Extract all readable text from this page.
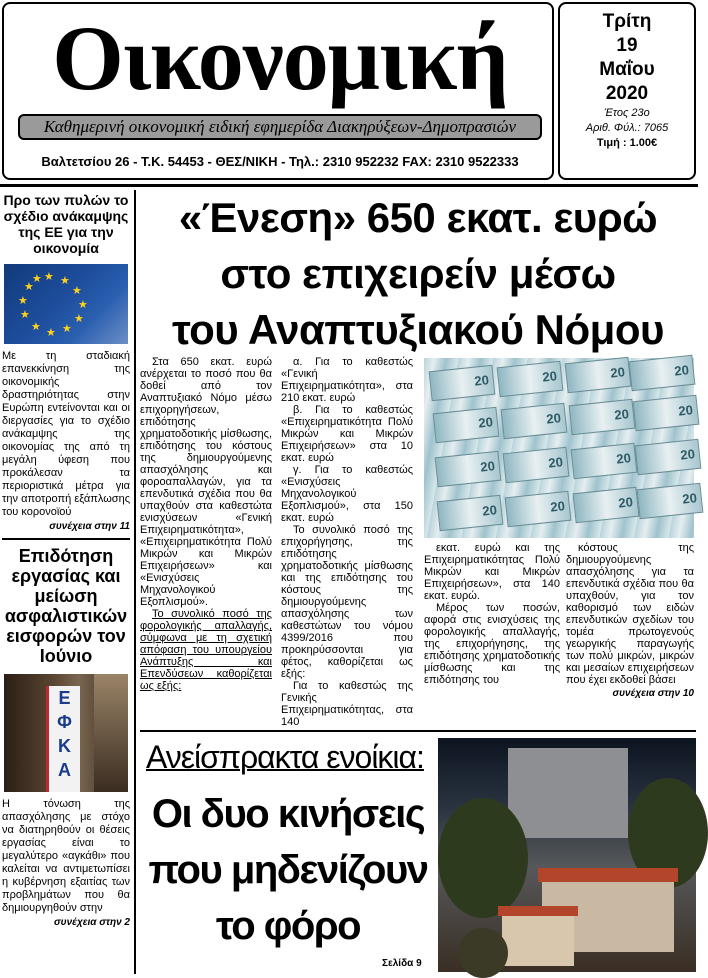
Οικονομική
Καθημερινή οικονομική ειδική εφημερίδα Διακηρύξεων-Δημοπρασιών
Βαλτετσίου 26 - Τ.Κ. 54453 - ΘΕΣ/ΝΙΚΗ - Τηλ.: 2310 952232 FAX: 2310 9522333
Τρίτη
19
Μαΐου
2020
Έτος 23ο
Αριθ. Φύλ.: 7065
Τιμή : 1.00€
Προ των πυλών το σχέδιο ανάκαμψης της ΕΕ για την οικονομία
★ ★
★
★
★
★
★
★
★
★
★
★
Με τη σταδιακή επανεκκίνηση της οικονομικής δραστηριότητας στην Ευρώπη εντείνονται και οι διεργασίες για το σχέδιο ανάκαμψης της οικονομίας της από τη μεγάλη ύφεση που προκάλεσαν τα περιοριστικά μέτρα για την αποτροπή εξάπλωσης του κορονοϊού
συνέχεια στην 11
Επιδότηση εργασίας και μείωση ασφαλιστικών εισφορών τον Ιούνιο
Ε
Φ
Κ
Α
Η τόνωση της απασχόλησης με στόχο να διατηρηθούν οι θέσεις εργασίας είναι το μεγαλύτερο «αγκάθι» που καλείται να αντιμετωπίσει η κυβέρνηση εξαιτίας των προβλημάτων που θα δημιουργηθούν στην
συνέχεια στην 2
«Ένεση» 650 εκατ. ευρώ
στο επιχειρείν μέσω
του Αναπτυξιακού Νόμου

Στα 650 εκατ. ευρώ ανέρχεται το ποσό που θα δοθεί από τον Αναπτυξιακό Νόμο μέσω επιχορηγήσεων, επιδότησης χρηματοδοτικής μίσθωσης, επιδότησης του κόστους της δημιουργούμενης απασχόλησης και φοροαπαλλαγών, για τα επενδυτικά σχέδια που θα υπαχθούν στα καθεστώτα ενισχύσεων «Γενική Επιχειρηματικότητα», «Επιχειρηματικότητα Πολύ Μικρών και Μικρών Επιχειρήσεων» και «Ενισχύσεις Μηχανολογικού Εξοπλισμού».

Το συνολικό ποσό της φορολογικής απαλλαγής, σύμφωνα με τη σχετική απόφαση του υπουργείου Ανάπτυξης και Επενδύσεων καθορίζεται ως εξής:

α. Για το καθεστώς «Γενική Επιχειρηματικότητα», στα 210 εκατ. ευρώ

β. Για το καθεστώς «Επιχειρηματικότητα Πολύ Μικρών και Μικρών Επιχειρήσεων» στα 10 εκατ. ευρώ

γ. Για το καθεστώς «Ενισχύσεις Μηχανολογικού Εξοπλισμού», στα 150 εκατ. ευρώ

Το συνολικό ποσό της επιχορήγησης, της επιδότησης χρηματοδοτικής μίσθωσης και της επιδότησης του κόστους της δημιουργούμενης απασχόλησης των καθεστώτων του νόμου 4399/2016 που προκηρύσσονται για φέτος, καθορίζεται ως εξής:

Για το καθεστώς της Γενικής Επιχειρηματικότητας, στα 140

20	20	20	20
20	20	20	20
20	20	20	20
20	20	20	20

εκατ. ευρώ και της Επιχειρηματικότητας Πολύ Μικρών και Μικρών Επιχειρήσεων», στα 140 εκατ. ευρώ.

Μέρος των ποσών, αφορά στις ενισχύσεις της φορολογικής απαλλαγής, της επιχορήγησης, της επιδότησης χρηματοδοτικής μίσθωσης και της επιδότησης του

κόστους της δημιουργούμενης απασχόλησης για τα επενδυτικά σχέδια που θα υπαχθούν, για τον καθορισμό των ειδών επενδυτικών σχεδίων του τομέα πρωτογενούς γεωργικής παραγωγής των πολύ μικρών, μικρών και μεσαίων επιχειρήσεων που έχει εκδοθεί βάσει

συνέχεια στην 10
Ανείσπρακτα ενοίκια:
Οι δυο κινήσεις
που μηδενίζουν
το φόρο
Σελίδα 9
